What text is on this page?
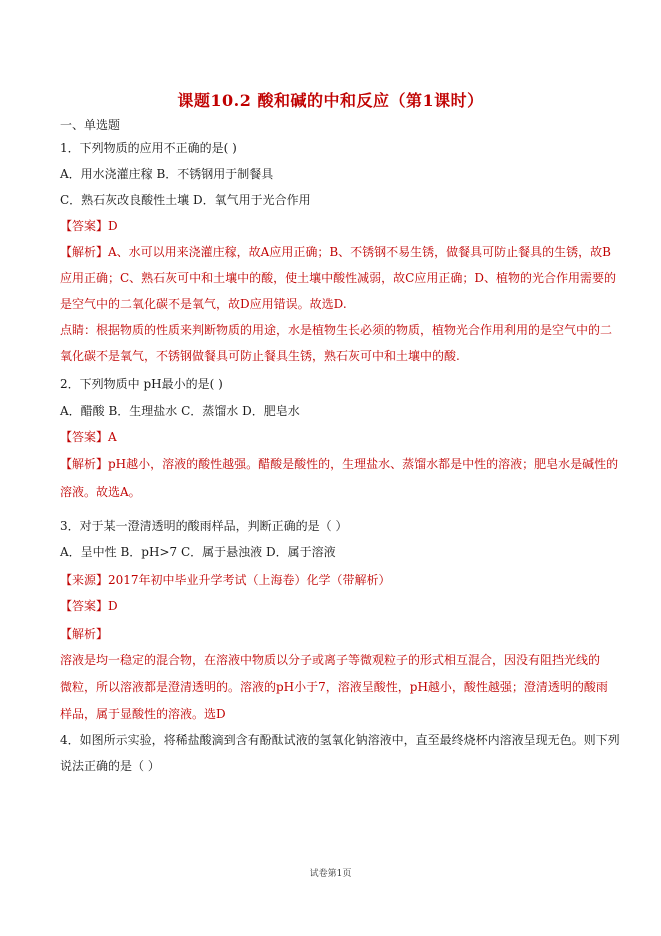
课题10.2 酸和碱的中和反应（第1课时）
一、单选题
1．下列物质的应用不正确的是( )
A．用水浇灌庄稼 B．不锈钢用于制餐具
C．熟石灰改良酸性土壤 D．氧气用于光合作用
【答案】D
【解析】A、水可以用来浇灌庄稼，故A应用正确；B、不锈钢不易生锈，做餐具可防止餐具的生锈，故B
应用正确；C、熟石灰可中和土壤中的酸，使土壤中酸性减弱，故C应用正确；D、植物的光合作用需要的
是空气中的二氧化碳不是氧气，故D应用错误。故选D.
点睛：根据物质的性质来判断物质的用途，水是植物生长必须的物质，植物光合作用利用的是空气中的二
氧化碳不是氧气，不锈钢做餐具可防止餐具生锈，熟石灰可中和土壤中的酸.
2．下列物质中 pH最小的是( )
A．醋酸 B．生理盐水 C．蒸馏水 D．肥皂水
【答案】A
【解析】pH越小，溶液的酸性越强。醋酸是酸性的，生理盐水、蒸馏水都是中性的溶液；肥皂水是碱性的
溶液。故选A。
3．对于某一澄清透明的酸雨样品，判断正确的是（ ）
A．呈中性 B．pH>7 C．属于悬浊液 D．属于溶液
【来源】2017年初中毕业升学考试（上海卷）化学（带解析）
【答案】D
【解析】
溶液是均一稳定的混合物，在溶液中物质以分子或离子等微观粒子的形式相互混合，因没有阻挡光线的
微粒，所以溶液都是澄清透明的。溶液的pH小于7，溶液呈酸性，pH越小，酸性越强；澄清透明的酸雨
样品，属于显酸性的溶液。选D
4．如图所示实验，将稀盐酸滴到含有酚酞试液的氢氧化钠溶液中，直至最终烧杯内溶液呈现无色。则下列
说法正确的是（ ）
试卷第1页
